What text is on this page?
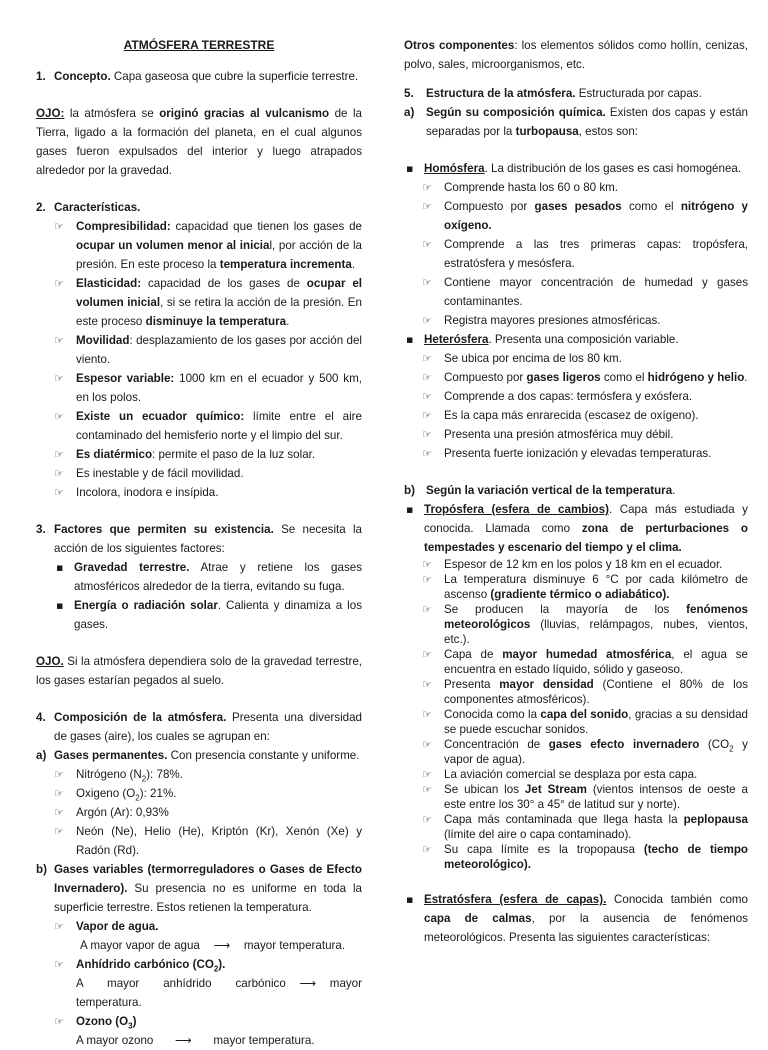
ATMÓSFERA TERRESTRE

1. Concepto. Capa gaseosa que cubre la superficie terrestre.

OJO: la atmósfera se originó gracias al vulcanismo de la Tierra, ligado a la formación del planeta, en el cual algunos gases fueron expulsados del interior y luego atrapados alrededor por la gravedad.

2. Características.
☞ Compresibilidad: capacidad que tienen los gases de ocupar un volumen menor al inicial, por acción de la presión. En este proceso la temperatura incrementa.
☞ Elasticidad: capacidad de los gases de ocupar el volumen inicial, si se retira la acción de la presión. En este proceso disminuye la temperatura.
☞ Movilidad: desplazamiento de los gases por acción del viento.
☞ Espesor variable: 1000 km en el ecuador y 500 km, en los polos.
☞ Existe un ecuador químico: límite entre el aire contaminado del hemisferio norte y el limpio del sur.
☞ Es diatérmico: permite el paso de la luz solar.
☞ Es inestable y de fácil movilidad.
☞ Incolora, inodora e insípida.
3. Factores que permiten su existencia. Se necesita la acción de los siguientes factores:
▪ Gravedad terrestre. Atrae y retiene los gases atmosféricos alrededor de la tierra, evitando su fuga.
▪ Energía o radiación solar. Calienta y dinamiza a los gases.

OJO. Si la atmósfera dependiera solo de la gravedad terrestre, los gases estarían pegados al suelo.

4. Composición de la atmósfera. Presenta una diversidad de gases (aire), los cuales se agrupan en:
a) Gases permanentes. Con presencia constante y uniforme.
☞ Nitrógeno $(N_2)$: 78%.
☞ Oxigeno $(O_2)$: 21%.
☞ Argón (Ar): 0,93%
☞ Neón (Ne), Helio (He), Kriptón (Kr), Xenón (Xe) y Radón (Rd).
b) Gases variables (termorreguladores o Gases de Efecto Invernadero). Su presencia no es uniforme en toda la superficie terrestre. Estos retienen la temperatura.
☞ Vapor de agua.
A mayor vapor de agua ⟶ mayor temperatura.
☞ Anhídrido carbónico $(CO_2)$.
A mayor anhídrido carbónico ⟶ mayor temperatura.
☞ Ozono $(O_3)$
A mayor ozono ⟶ mayor temperatura.

Otros componentes: los elementos sólidos como hollín, cenizas, polvo, sales, microorganismos, etc.

5.	Estructura de la atmósfera. Estructurada por capas.
a)	Según su composición química. Existen dos capas y están separadas por la turbopausa, estos son:
▪ Homósfera. La distribución de los gases es casi homogénea.
☞ Comprende hasta los 60 o 80 km.
☞ Compuesto por gases pesados como el nitrógeno y oxígeno.
☞ Comprende a las tres primeras capas: tropósfera, estratósfera y mesósfera.
☞ Contiene mayor concentración de humedad y gases contaminantes.
☞ Registra mayores presiones atmosféricas.
▪ Heterósfera. Presenta una composición variable.
☞ Se ubica por encima de los 80 km.
☞ Compuesto por gases ligeros como el hidrógeno y helio.
☞ Comprende a dos capas: termósfera y exósfera.
☞ Es la capa más enrarecida (escasez de oxígeno).
☞ Presenta una presión atmosférica muy débil.
☞ Presenta fuerte ionización y elevadas temperaturas.
b) Según la variación vertical de la temperatura.
▪ Tropósfera (esfera de cambios). Capa más estudiada y conocida. Llamada como zona de perturbaciones o tempestades y escenario del tiempo y el clima.
☞ Espesor de 12 km en los polos y 18 km en el ecuador.
☞ La temperatura disminuye 6 °C por cada kilómetro de ascenso (gradiente térmico o adiabático).
☞ Se producen la mayoría de los fenómenos meteorológicos (lluvias, relámpagos, nubes, vientos, etc.).
☞ Capa de mayor humedad atmosférica, el agua se encuentra en estado líquido, sólido y gaseoso.
☞ Presenta mayor densidad (Contiene el 80% de los componentes atmosféricos).
☞ Conocida como la capa del sonido, gracias a su densidad se puede escuchar sonidos.
☞ Concentración de gases efecto invernadero ($CO_2$ y vapor de agua).
☞ La aviación comercial se desplaza por esta capa.
☞ Se ubican los Jet Stream (vientos intensos de oeste a este entre los 30° a 45° de latitud sur y norte).
☞ Capa más contaminada que llega hasta la peplopausa (límite del aire o capa contaminado).
☞ Su capa límite es la tropopausa (techo de tiempo meteorológico).
▪ Estratósfera (esfera de capas). Conocida también como capa de calmas, por la ausencia de fenómenos meteorológicos. Presenta las siguientes características:
